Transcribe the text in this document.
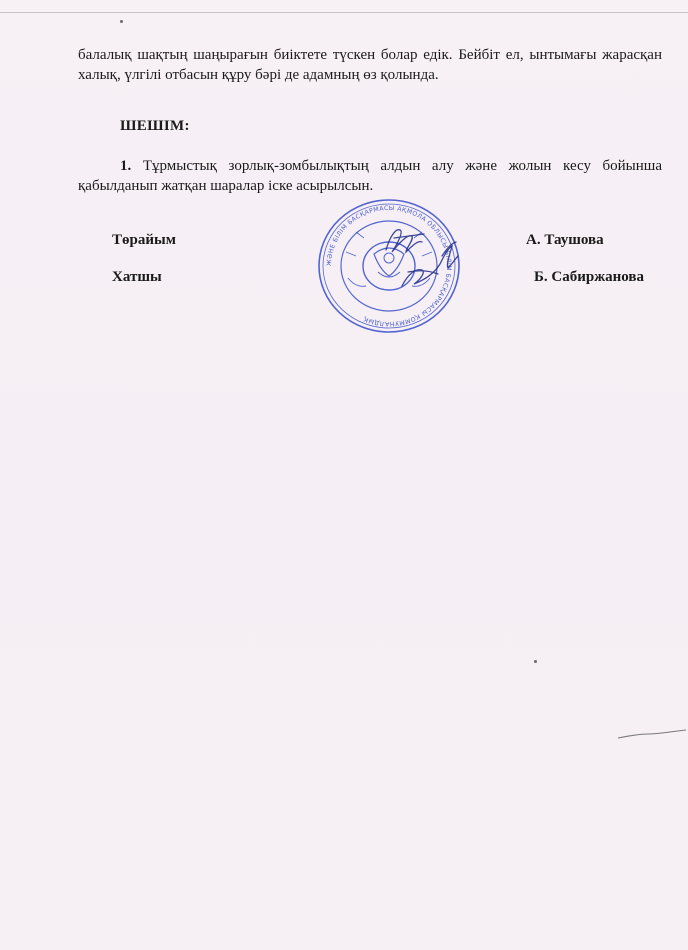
балалық шақтың шаңырағын биіктете түскен болар едік. Бейбіт ел, ынтымағы жарасқан халық, үлгілі отбасын құру бәрі де адамның өз қолында.
ШЕШІМ:
1. Тұрмыстық зорлық-зомбылықтың алдын алу және жолын кесу бойынша қабылданып жатқан шаралар іске асырылсын.
Төрайым	А. Таушова
Хатшы	Б. Сабиржанова
ЖӘНЕ БІЛІМ БАСҚАРМАСЫ АҚМОЛА ОБЛЫСЫ БІЛІМ БАСҚАРМАСЫ ҚОММУНАЛДЫҚ
